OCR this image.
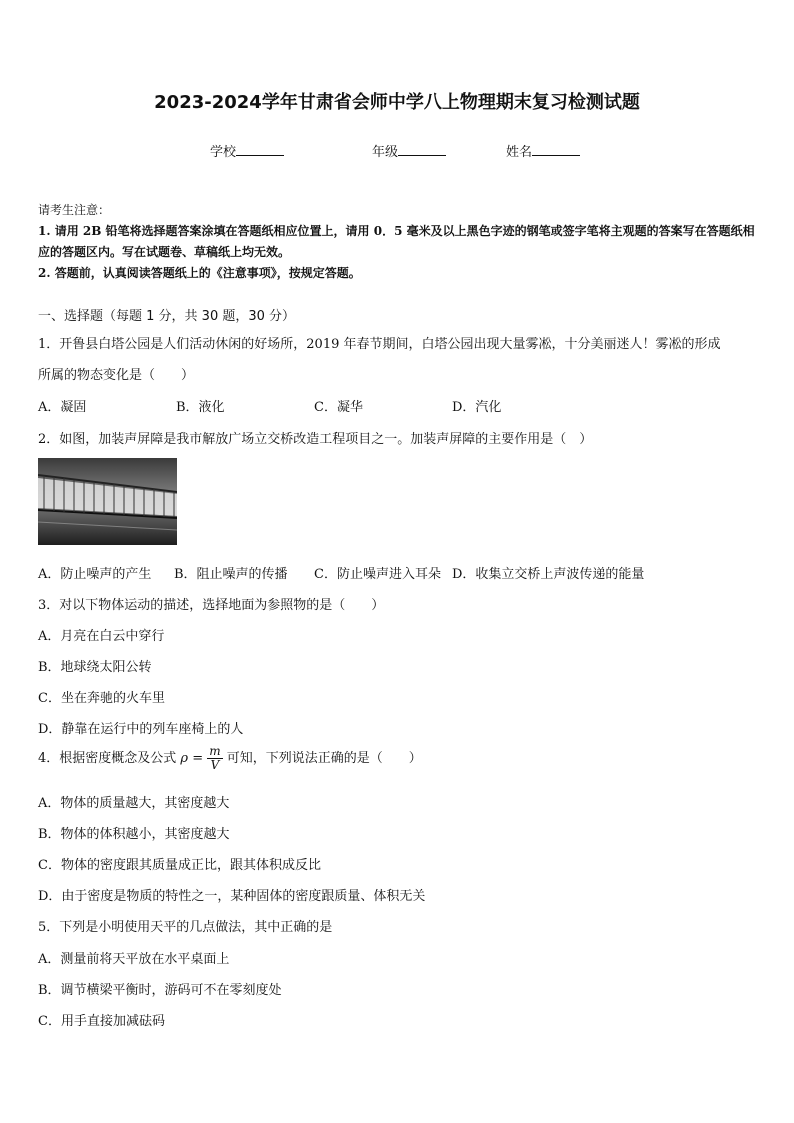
2023-2024学年甘肃省会师中学八上物理期末复习检测试题
学校	年级	姓名
请考生注意：
1. 请用 2B 铅笔将选择题答案涂填在答题纸相应位置上，请用 0．5 毫米及以上黑色字迹的钢笔或签字笔将主观题的答案写在答题纸相应的答题区内。写在试题卷、草稿纸上均无效。
2. 答题前，认真阅读答题纸上的《注意事项》，按规定答题。
一、选择题（每题 1 分，共 30 题，30 分）
1．开鲁县白塔公园是人们活动休闲的好场所，2019 年春节期间，白塔公园出现大量雾凇，十分美丽迷人！雾凇的形成
所属的物态变化是（　　）
A．凝固	B．液化	C．凝华	D．汽化
2．如图，加装声屏障是我市解放广场立交桥改造工程项目之一。加装声屏障的主要作用是（　）
A．防止噪声的产生 B．阻止噪声的传播 C．防止噪声进入耳朵 D．收集立交桥上声波传递的能量
3．对以下物体运动的描述，选择地面为参照物的是（　　）
A．月亮在白云中穿行
B．地球绕太阳公转
C．坐在奔驰的火车里
D．静靠在运行中的列车座椅上的人
4．根据密度概念及公式 $\rho = \frac{m}{V}$ 可知，下列说法正确的是（　　）
A．物体的质量越大，其密度越大
B．物体的体积越小，其密度越大
C．物体的密度跟其质量成正比，跟其体积成反比
D．由于密度是物质的特性之一，某种固体的密度跟质量、体积无关
5．下列是小明使用天平的几点做法，其中正确的是
A．测量前将天平放在水平桌面上
B．调节横梁平衡时，游码可不在零刻度处
C．用手直接加减砝码
